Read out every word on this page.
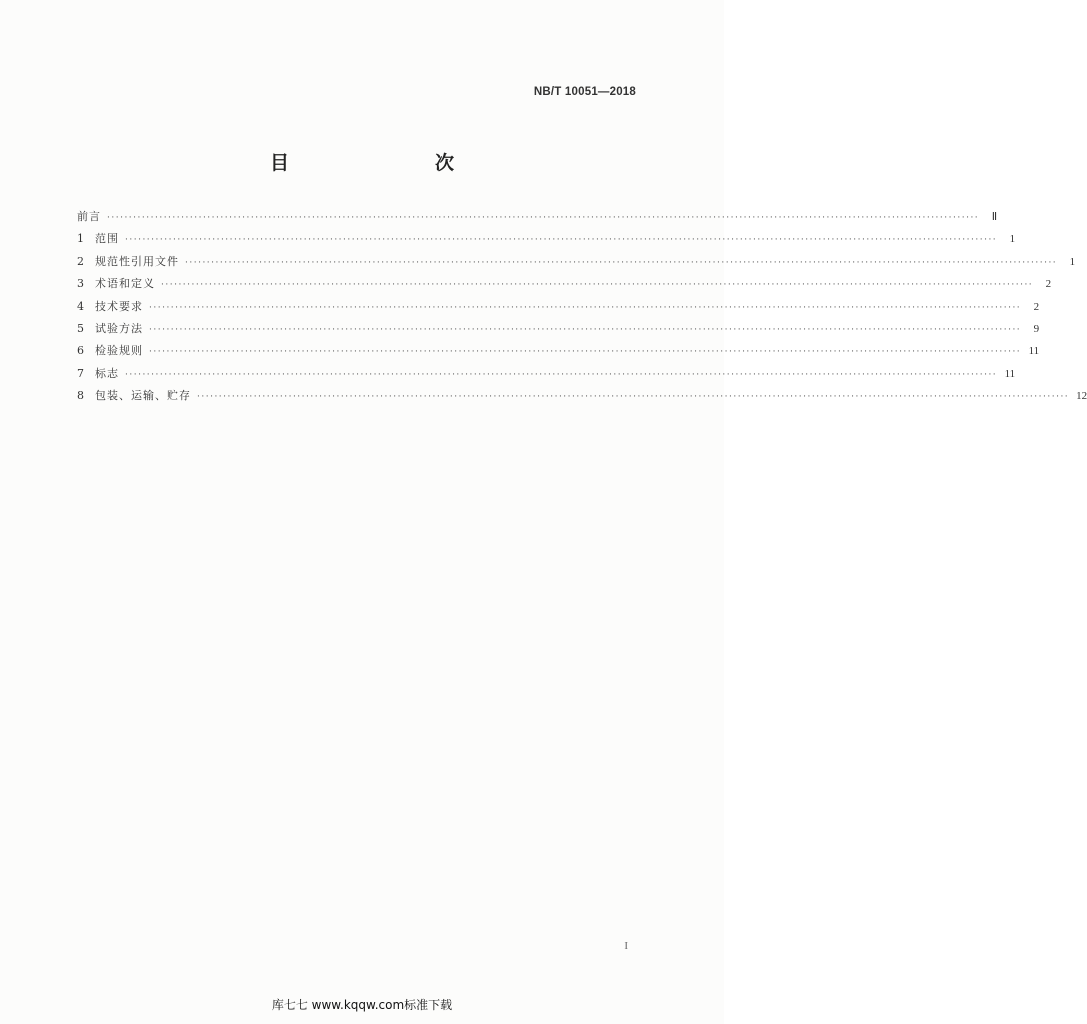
NB/T 10051—2018
目　　次
前言 ········································································································································································································	Ⅱ
1	范围 ········································································································································································································	1
2	规范性引用文件 ········································································································································································································	1
3	术语和定义 ········································································································································································································	2
4	技术要求 ········································································································································································································	2
5	试验方法 ········································································································································································································	9
6	检验规则 ········································································································································································································ 11
7	标志 ········································································································································································································ 11
8	包装、运输、贮存 ········································································································································································································ 12
I
库七七 www.kqqw.com标准下载
